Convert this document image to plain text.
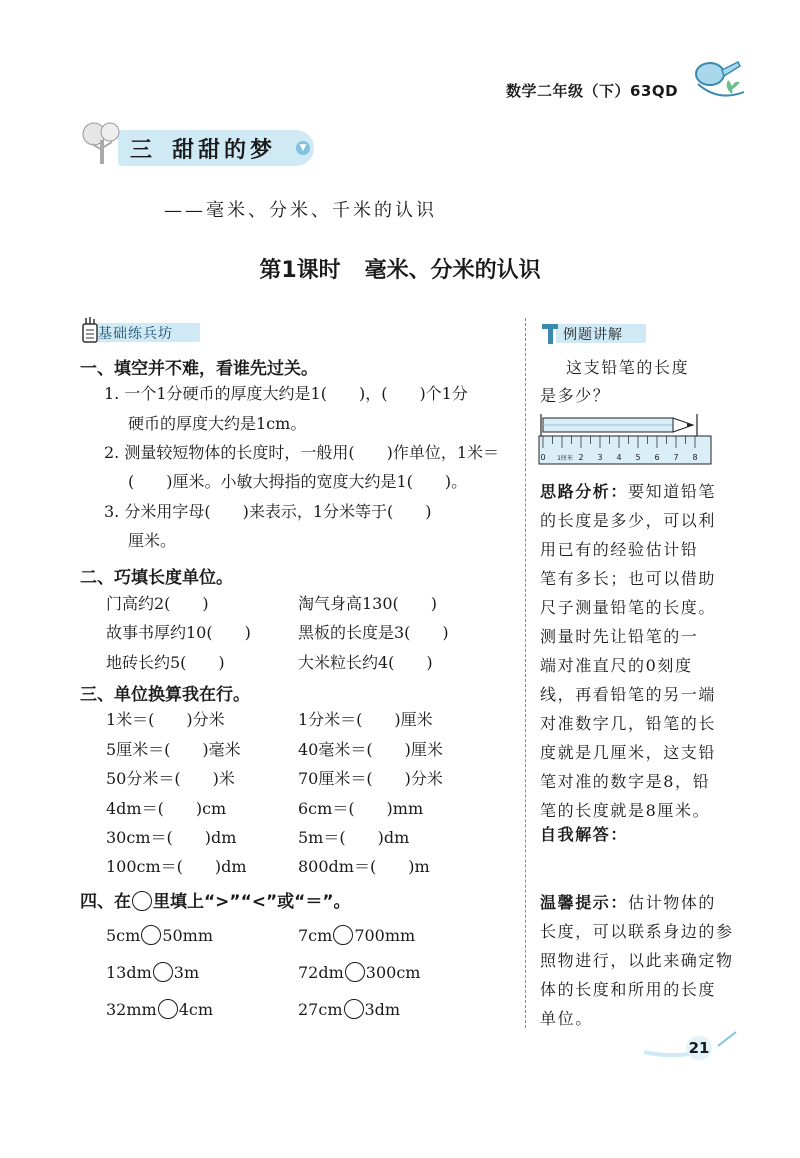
数学二年级（下）63QD
三 甜甜的梦	▼
——毫米、分米、千米的认识
第1课时 毫米、分米的认识
基础练兵坊
一、填空并不难，看谁先过关。
1. 一个1分硬币的厚度大约是1(　　)，(　　)个1分
硬币的厚度大约是1cm。
2. 测量较短物体的长度时，一般用(　　)作单位，1米＝
(　　)厘米。小敏大拇指的宽度大约是1(　　)。
3. 分米用字母(　　)来表示，1分米等于(　　)
厘米。
二、巧填长度单位。
门高约2(　　)	淘气身高130(　　)
故事书厚约10(　　)	黑板的长度是3(　　)
地砖长约5(　　)	大米粒长约4(　　)
三、单位换算我在行。
1米＝(　　)分米	1分米＝(　　)厘米
5厘米＝(　　)毫米	40毫米＝(　　)厘米
50分米＝(　　)米	70厘米＝(　　)分米
4dm＝(　　)cm	6cm＝(　　)mm
30cm＝(　　)dm	5m＝(　　)dm
100cm＝(　　)dm	800dm＝(　　)m
四、在 里填上“>”“<”或“＝”。
5cm 50mm	7cm 700mm
13dm 3m	72dm 300cm
32mm 4cm	27cm 3dm
例题讲解
这支铅笔的长度
是多少？
0 1厘米 2 3 4 5 6 7 8
思路分析：要知道铅笔
的长度是多少，可以利
用已有的经验估计铅
笔有多长；也可以借助
尺子测量铅笔的长度。
测量时先让铅笔的一
端对准直尺的0刻度
线，再看铅笔的另一端
对准数字几，铅笔的长
度就是几厘米，这支铅
笔对准的数字是8，铅
笔的长度就是8厘米。
自我解答：
温馨提示：估计物体的
长度，可以联系身边的参
照物进行，以此来确定物
体的长度和所用的长度
单位。
21
